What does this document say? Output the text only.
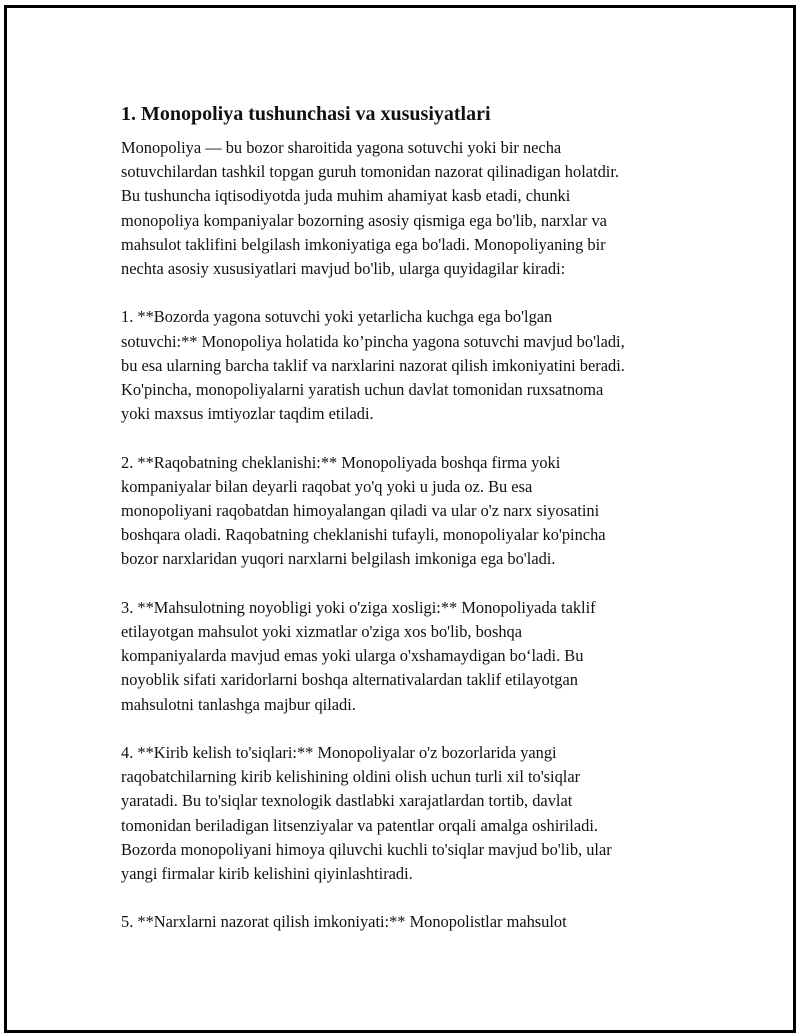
1. Monopoliya tushunchasi va xususiyatlari

Monopoliya — bu bozor sharoitida yagona sotuvchi yoki bir necha
sotuvchilardan tashkil topgan guruh tomonidan nazorat qilinadigan holatdir.
Bu tushuncha iqtisodiyotda juda muhim ahamiyat kasb etadi, chunki
monopoliya kompaniyalar bozorning asosiy qismiga ega bo'lib, narxlar va
mahsulot taklifini belgilash imkoniyatiga ega bo'ladi. Monopoliyaning bir
nechta asosiy xususiyatlari mavjud bo'lib, ularga quyidagilar kiradi:

1. **Bozorda yagona sotuvchi yoki yetarlicha kuchga ega bo'lgan
sotuvchi:** Monopoliya holatida ko’pincha yagona sotuvchi mavjud bo'ladi,
bu esa ularning barcha taklif va narxlarini nazorat qilish imkoniyatini beradi.
Ko'pincha, monopoliyalarni yaratish uchun davlat tomonidan ruxsatnoma
yoki maxsus imtiyozlar taqdim etiladi.

2. **Raqobatning cheklanishi:** Monopoliyada boshqa firma yoki
kompaniyalar bilan deyarli raqobat yo'q yoki u juda oz. Bu esa
monopoliyani raqobatdan himoyalangan qiladi va ular o'z narx siyosatini
boshqara oladi. Raqobatning cheklanishi tufayli, monopoliyalar ko'pincha
bozor narxlaridan yuqori narxlarni belgilash imkoniga ega bo'ladi.

3. **Mahsulotning noyobligi yoki o'ziga xosligi:** Monopoliyada taklif
etilayotgan mahsulot yoki xizmatlar o'ziga xos bo'lib, boshqa
kompaniyalarda mavjud emas yoki ularga o'xshamaydigan bo‘ladi. Bu
noyoblik sifati xaridorlarni boshqa alternativalardan taklif etilayotgan
mahsulotni tanlashga majbur qiladi.

4. **Kirib kelish to'siqlari:** Monopoliyalar o'z bozorlarida yangi
raqobatchilarning kirib kelishining oldini olish uchun turli xil to'siqlar
yaratadi. Bu to'siqlar texnologik dastlabki xarajatlardan tortib, davlat
tomonidan beriladigan litsenziyalar va patentlar orqali amalga oshiriladi.
Bozorda monopoliyani himoya qiluvchi kuchli to'siqlar mavjud bo'lib, ular
yangi firmalar kirib kelishini qiyinlashtiradi.

5. **Narxlarni nazorat qilish imkoniyati:** Monopolistlar mahsulot
